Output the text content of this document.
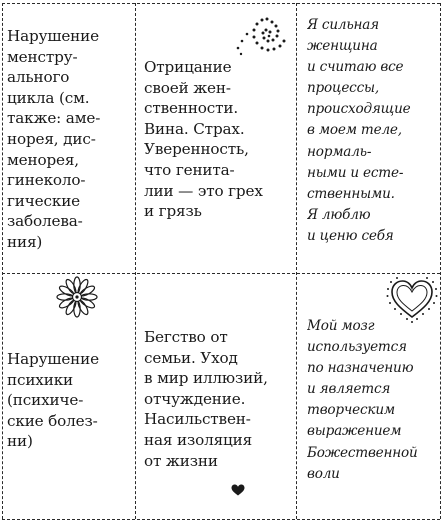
Нарушение
менстру-
ального
цикла (см.
также: аме-
норея, дис-
менорея,
гинеколо-
гические
заболева-
ния)
Отрицание
своей жен-
ственности.
Вина. Страх.
Уверенность,
что генита-
лии — это грех
и грязь
Я сильная
женщина
и считаю все
процессы,
происходящие
в моем теле,
нормаль-
ными и есте-
ственными.
Я люблю
и ценю себя
Нарушение
психики
(психиче-
ские болез-
ни)
Бегство от
семьи. Уход
в мир иллюзий,
отчуждение.
Насильствен-
ная изоляция
от жизни
Мой мозг
используется
по назначению
и является
творческим
выражением
Божественной
воли
